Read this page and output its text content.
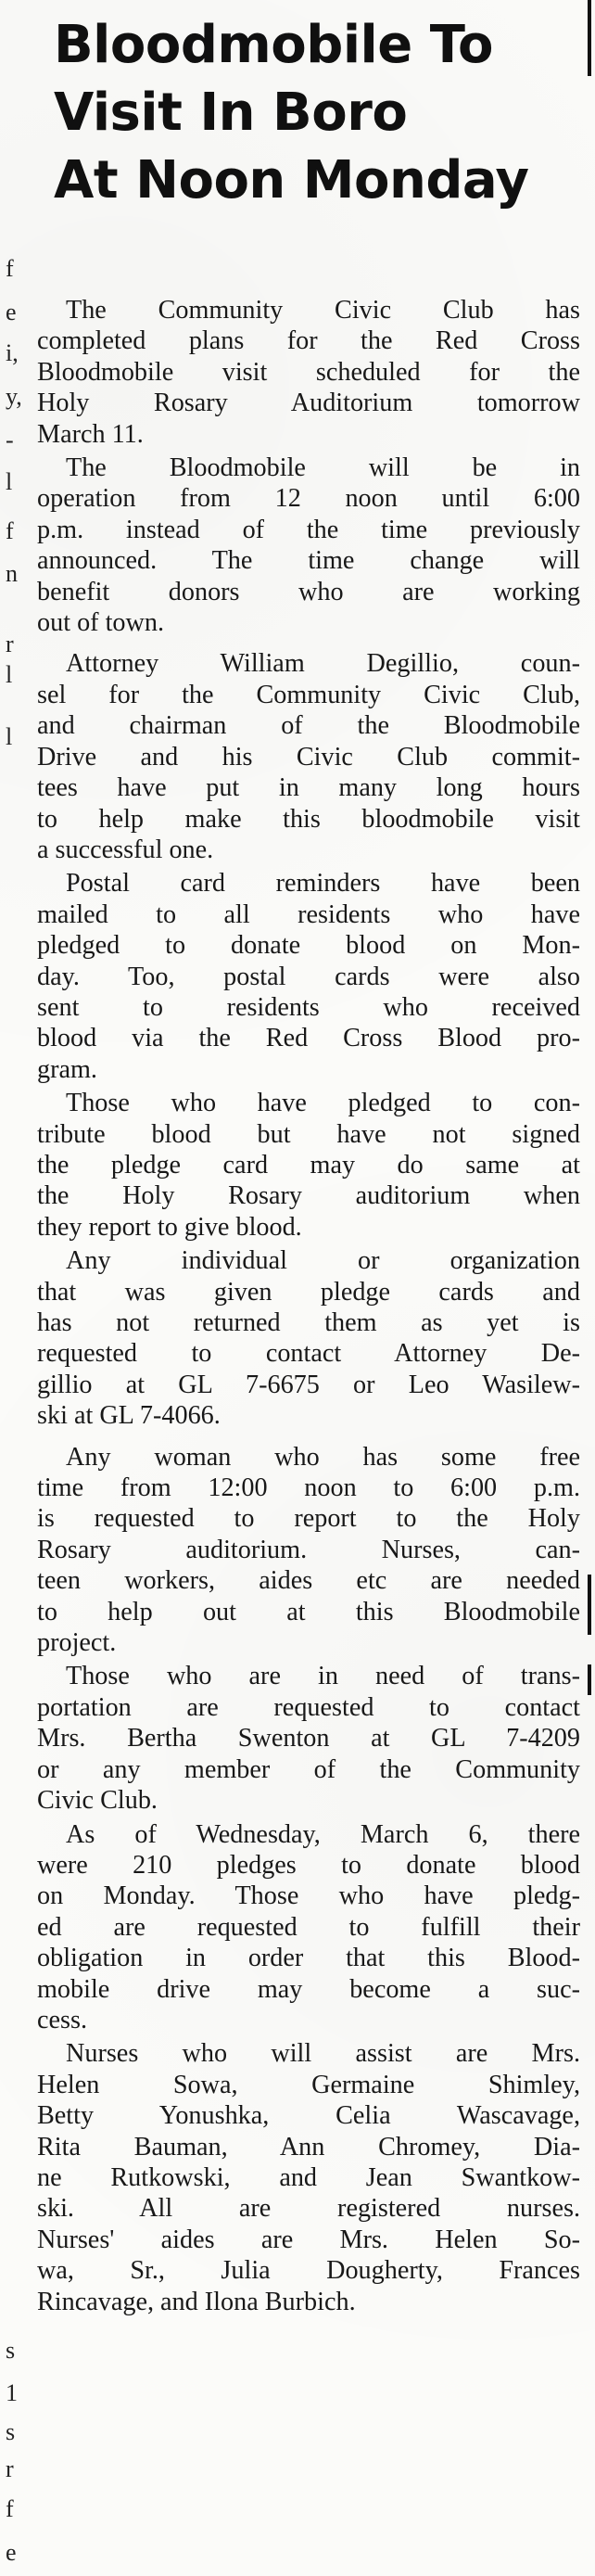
f
e
i,
y,
-
l
f
n
r
l
l
s
1
s
r
f
e
Bloodmobile To
Visit In Boro
At Noon Monday

The Community Civic Club has
completed plans for the Red Cross
Bloodmobile visit scheduled for the
Holy Rosary Auditorium tomorrow
March 11.

The Bloodmobile will be in
operation from 12 noon until 6:00
p.m. instead of the time previously
announced. The time change will
benefit donors who are working
out of town.

Attorney William Degillio, coun-
sel for the Community Civic Club,
and chairman of the Bloodmobile
Drive and his Civic Club commit-
tees have put in many long hours
to help make this bloodmobile visit
a successful one.

Postal card reminders have been
mailed to all residents who have
pledged to donate blood on Mon-
day. Too, postal cards were also
sent to residents who received
blood via the Red Cross Blood pro-
gram.

Those who have pledged to con-
tribute blood but have not signed
the pledge card may do same at
the Holy Rosary auditorium when
they report to give blood.

Any individual or organization
that was given pledge cards and
has not returned them as yet is
requested to contact Attorney De-
gillio at GL 7-6675 or Leo Wasilew-
ski at GL 7-4066.

Any woman who has some free
time from 12:00 noon to 6:00 p.m.
is requested to report to the Holy
Rosary auditorium. Nurses, can-
teen workers, aides etc are needed
to help out at this Bloodmobile
project.

Those who are in need of trans-
portation are requested to contact
Mrs. Bertha Swenton at GL 7-4209
or any member of the Community
Civic Club.

As of Wednesday, March 6, there
were 210 pledges to donate blood
on Monday. Those who have pledg-
ed are requested to fulfill their
obligation in order that this Blood-
mobile drive may become a suc-
cess.

Nurses who will assist are Mrs.
Helen Sowa, Germaine Shimley,
Betty Yonushka, Celia Wascavage,
Rita Bauman, Ann Chromey, Dia-
ne Rutkowski, and Jean Swantkow-
ski. All are registered nurses.
Nurses' aides are Mrs. Helen So-
wa, Sr., Julia Dougherty, Frances
Rincavage, and Ilona Burbich.
